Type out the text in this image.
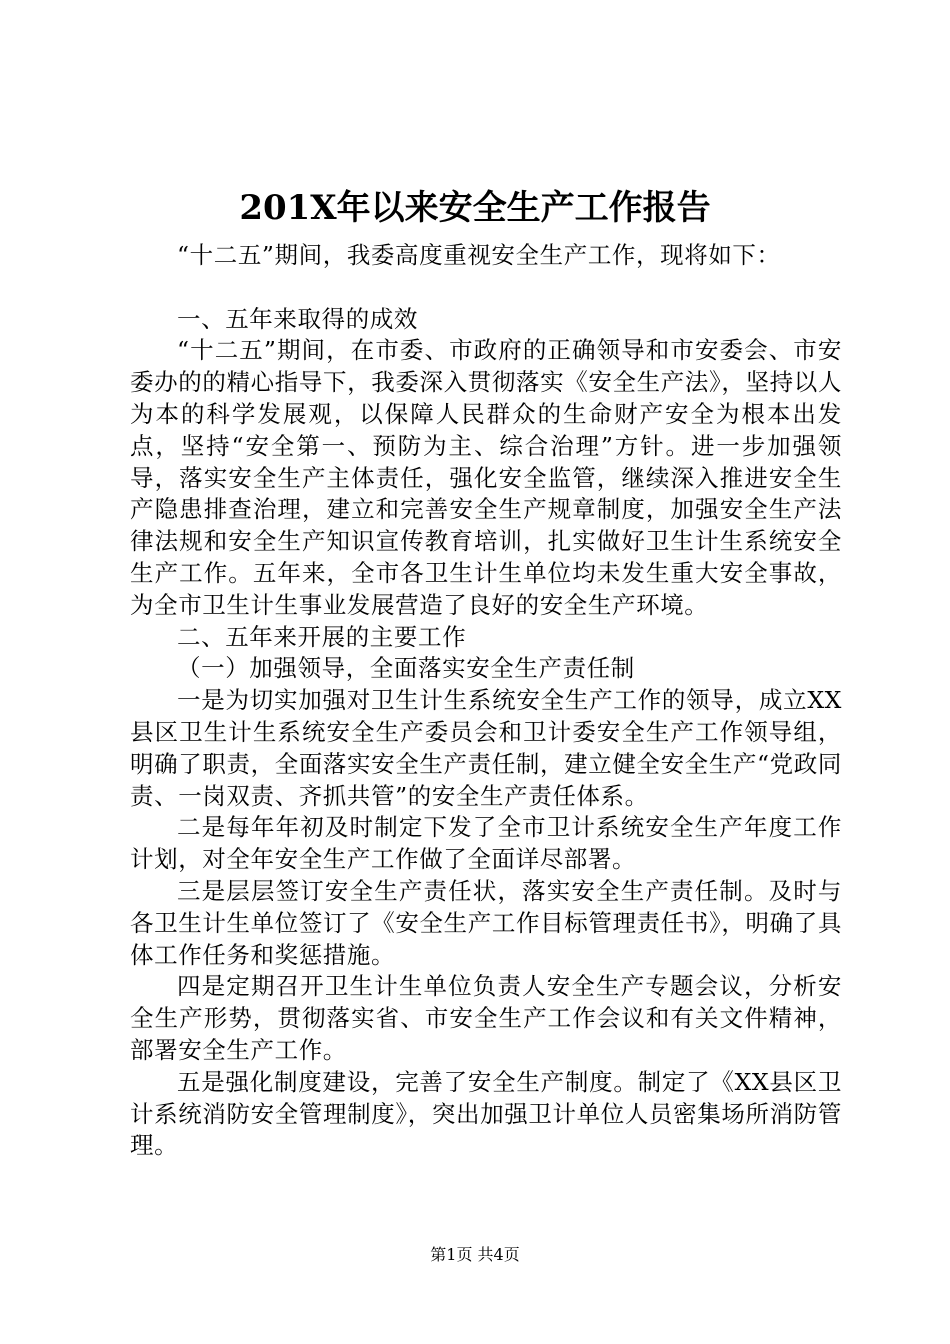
201X年以来安全生产工作报告

“十二五”期间，我委高度重视安全生产工作，现将如下：

一、五年来取得的成效

“十二五”期间，在市委、市政府的正确领导和市安委会、市安委办的的精心指导下，我委深入贯彻落实《安全生产法》，坚持以人为本的科学发展观，以保障人民群众的生命财产安全为根本出发点，坚持“安全第一、预防为主、综合治理”方针。进一步加强领导，落实安全生产主体责任，强化安全监管，继续深入推进安全生产隐患排查治理，建立和完善安全生产规章制度，加强安全生产法律法规和安全生产知识宣传教育培训，扎实做好卫生计生系统安全生产工作。五年来，全市各卫生计生单位均未发生重大安全事故，为全市卫生计生事业发展营造了良好的安全生产环境。

二、五年来开展的主要工作

（一）加强领导，全面落实安全生产责任制

一是为切实加强对卫生计生系统安全生产工作的领导，成立XX县区卫生计生系统安全生产委员会和卫计委安全生产工作领导组，明确了职责，全面落实安全生产责任制，建立健全安全生产“党政同责、一岗双责、齐抓共管”的安全生产责任体系。

二是每年年初及时制定下发了全市卫计系统安全生产年度工作计划，对全年安全生产工作做了全面详尽部署。

三是层层签订安全生产责任状，落实安全生产责任制。及时与各卫生计生单位签订了《安全生产工作目标管理责任书》，明确了具体工作任务和奖惩措施。

四是定期召开卫生计生单位负责人安全生产专题会议，分析安全生产形势，贯彻落实省、市安全生产工作会议和有关文件精神，部署安全生产工作。

五是强化制度建设，完善了安全生产制度。制定了《XX县区卫计系统消防安全管理制度》，突出加强卫计单位人员密集场所消防管理。

第1页 共4页
